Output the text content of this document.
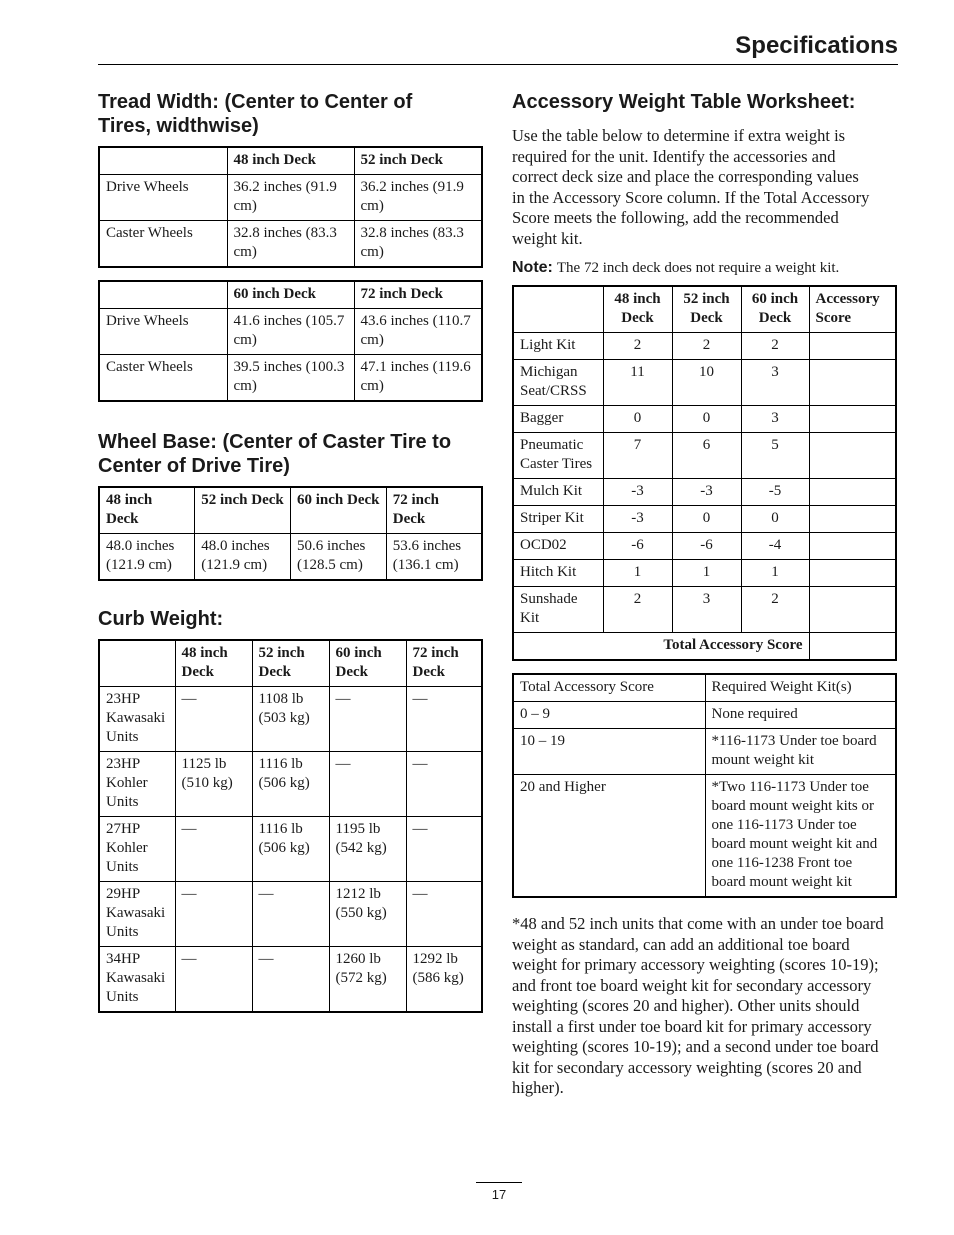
Specifications
Tread Width: (Center to Center of Tires, widthwise)
	48 inch Deck	52 inch Deck
Drive Wheels	36.2 inches (91.9 cm)	36.2 inches (91.9 cm)
Caster Wheels	32.8 inches (83.3 cm)	32.8 inches (83.3 cm)
	60 inch Deck	72 inch Deck
Drive Wheels	41.6 inches (105.7 cm)	43.6 inches (110.7 cm)
Caster Wheels	39.5 inches (100.3 cm)	47.1 inches (119.6 cm)
Wheel Base: (Center of Caster Tire to Center of Drive Tire)
48 inch Deck	52 inch Deck	60 inch Deck	72 inch Deck
48.0 inches (121.9 cm)	48.0 inches (121.9 cm)	50.6 inches (128.5 cm)	53.6 inches (136.1 cm)
Curb Weight:
	48 inch Deck	52 inch Deck	60 inch Deck	72 inch Deck
23HP Kawasaki Units	—	1108 lb (503 kg)	—	—
23HP Kohler Units	1125 lb (510 kg)	1116 lb (506 kg)	—	—
27HP Kohler Units	—	1116 lb (506 kg)	1195 lb (542 kg)	—
29HP Kawasaki Units	—	—	1212 lb (550 kg)	—
34HP Kawasaki Units	—	—	1260 lb (572 kg)	1292 lb (586 kg)
Accessory Weight Table Worksheet:

Use the table below to determine if extra weight is required for the unit. Identify the accessories and correct deck size and place the corresponding values in the Accessory Score column. If the Total Accessory Score meets the following, add the recommended weight kit.

Note: The 72 inch deck does not require a weight kit.
	48 inch Deck	52 inch Deck	60 inch Deck	Accessory Score
Light Kit	2	2	2	
Michigan Seat/CRSS	11	10	3	
Bagger	0	0	3	
Pneumatic Caster Tires	7	6	5	
Mulch Kit	-3	-3	-5	
Striper Kit	-3	0	0	
OCD02	-6	-6	-4	
Hitch Kit	1	1	1	
Sunshade Kit	2	3	2	
Total Accessory Score				
Total Accessory Score	Required Weight Kit(s)
0 – 9	None required
10 – 19	*116-1173 Under toe board mount weight kit
20 and Higher	*Two 116-1173 Under toe board mount weight kits or one 116-1173 Under toe board mount weight kit and one 116-1238 Front toe board mount weight kit

*48 and 52 inch units that come with an under toe board weight as standard, can add an additional toe board weight for primary accessory weighting (scores 10-19); and front toe board weight kit for secondary accessory weighting (scores 20 and higher). Other units should install a first under toe board kit for primary accessory weighting (scores 10-19); and a second under toe board kit for secondary accessory weighting (scores 20 and higher).

17
